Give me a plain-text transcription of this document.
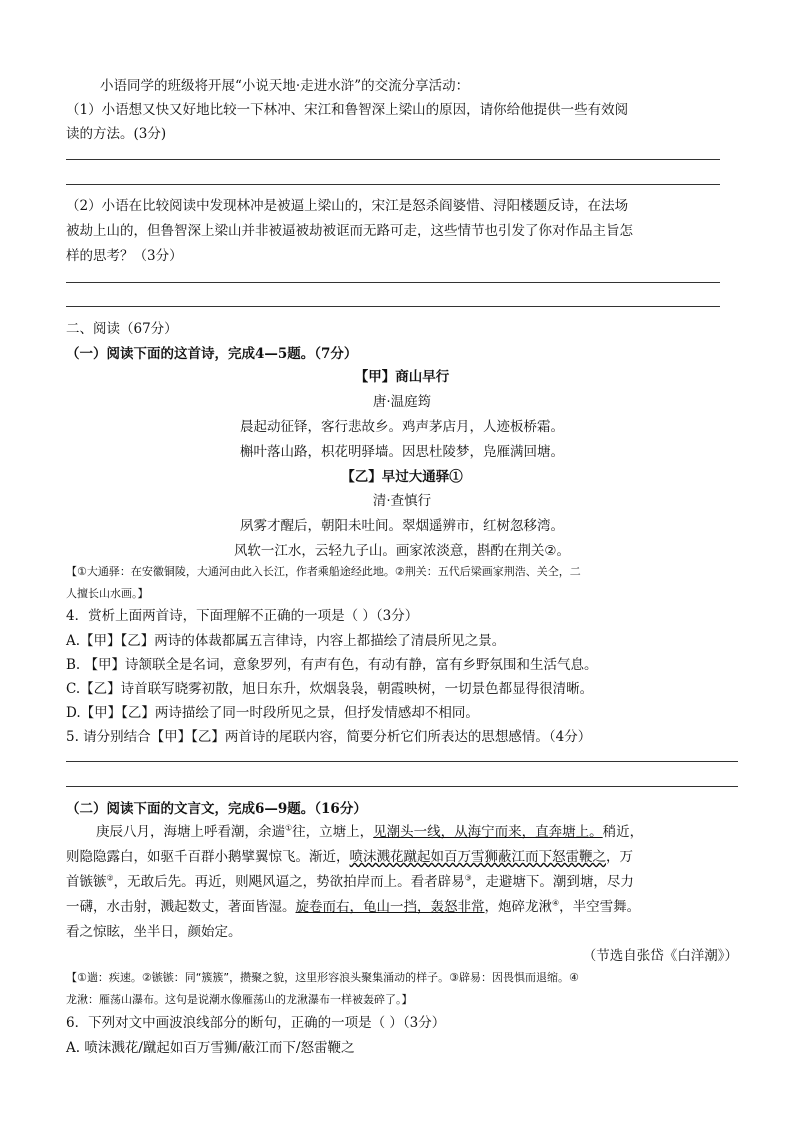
小语同学的班级将开展“小说天地·走进水浒”的交流分享活动：
（1）小语想又快又好地比较一下林冲、宋江和鲁智深上梁山的原因，请你给他提供一些有效阅
读的方法。(3分)
（2）小语在比较阅读中发现林冲是被逼上梁山的，宋江是怒杀阎婆惜、浔阳楼题反诗，在法场
被劫上山的，但鲁智深上梁山并非被逼被劫被诓而无路可走，这些情节也引发了你对作品主旨怎
样的思考？（3分）
二、阅读（67分）
（一）阅读下面的这首诗，完成4—5题。（7分）
【甲】商山早行
唐·温庭筠
晨起动征铎，客行悲故乡。鸡声茅店月，人迹板桥霜。
槲叶落山路，枳花明驿墙。因思杜陵梦，凫雁满回塘。
【乙】早过大通驿①
清·查慎行
夙雾才醒后，朝阳未吐间。翠烟遥辨市，红树忽移湾。
风软一江水，云轻九子山。画家浓淡意，斟酌在荆关②。
【①大通驿：在安徽铜陵，大通河由此入长江，作者乘船途经此地。②荆关：五代后梁画家荆浩、关仝，二
人擅长山水画。】
4．赏析上面两首诗，下面理解不正确的一项是（ ）（3分）
A.【甲】【乙】两诗的体裁都属五言律诗，内容上都描绘了清晨所见之景。
B. 【甲】诗颔联全是名词，意象罗列，有声有色，有动有静，富有乡野氛围和生活气息。
C.【乙】诗首联写晓雾初散，旭日东升，炊烟袅袅，朝霞映树，一切景色都显得很清晰。
D.【甲】【乙】两诗描绘了同一时段所见之景，但抒发情感却不相同。
5. 请分别结合【甲】【乙】两首诗的尾联内容，简要分析它们所表达的思想感情。（4分）
（二）阅读下面的文言文，完成6—9题。（16分）
庚辰八月，海塘上呼看潮，余遄①往，立塘上，见潮头一线，从海宁而来，直奔塘上。稍近，
则隐隐露白，如驱千百群小鹅擘翼惊飞。渐近，喷沫溅花蹴起如百万雪狮蔽江而下怒雷鞭之，万
首镞镞②，无敢后先。再近，则飓风逼之，势欲拍岸而上。看者辟易③，走避塘下。潮到塘，尽力
一礴，水击射，溅起数丈，著面皆湿。旋卷而右，龟山一挡，轰怒非常，炮碎龙湫④，半空雪舞。
看之惊眩，坐半日，颜始定。
（节选自张岱《白洋潮》）
【①遄：疾速。②镞镞：同“簇簇”，攒聚之貌，这里形容浪头聚集涌动的样子。③辟易：因畏惧而退缩。④
龙湫：雁荡山瀑布。这句是说潮水像雁荡山的龙湫瀑布一样被轰碎了。】
6．下列对文中画波浪线部分的断句，正确的一项是（ ）（3分）
A. 喷沫溅花/蹴起如百万雪狮/蔽江而下/怒雷鞭之
